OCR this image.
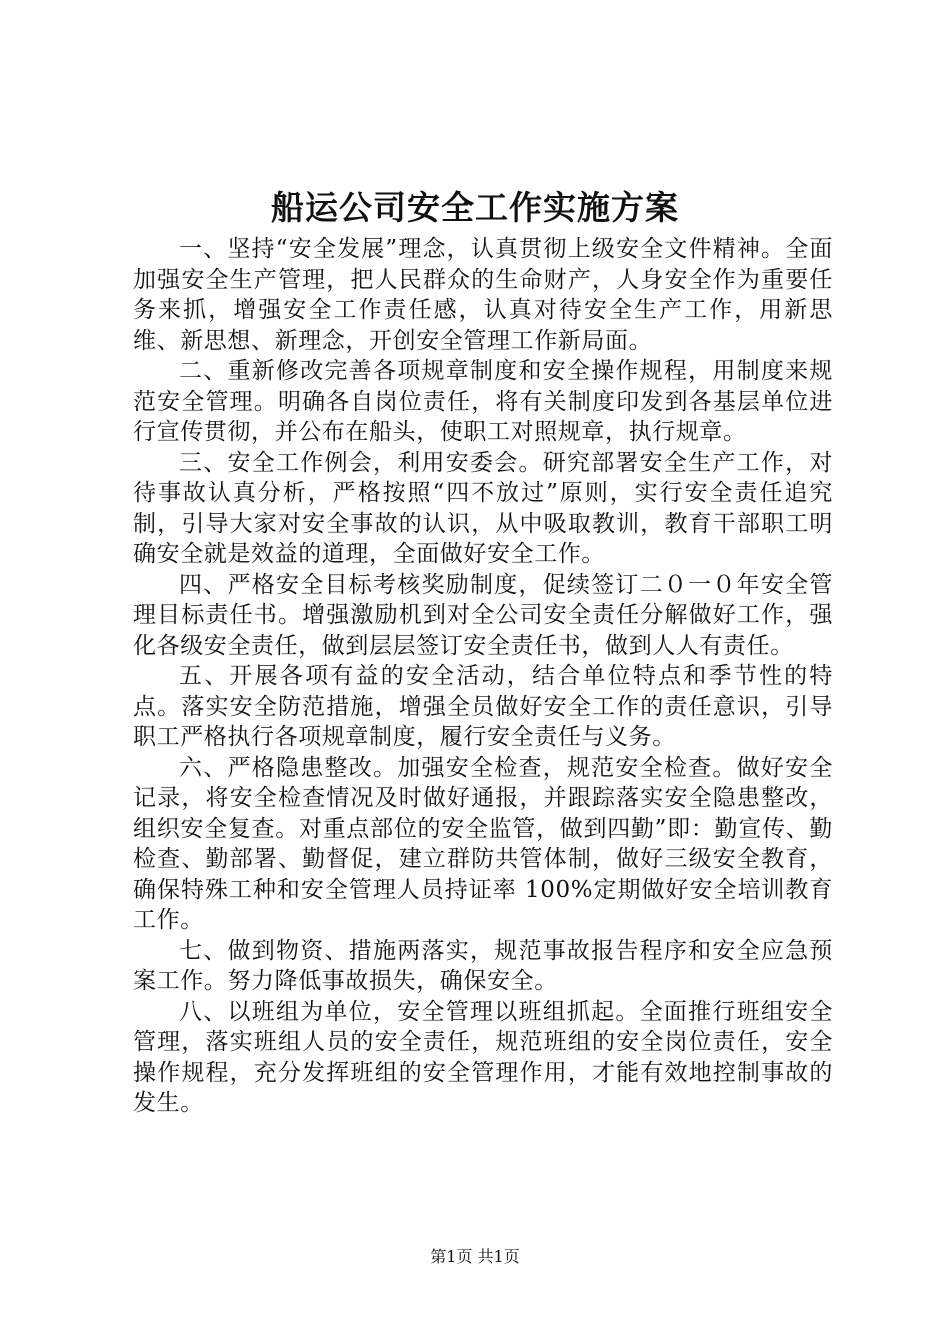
船运公司安全工作实施方案

一、坚持“安全发展”理念，认真贯彻上级安全文件精神。全面加强安全生产管理，把人民群众的生命财产，人身安全作为重要任务来抓，增强安全工作责任感，认真对待安全生产工作，用新思维、新思想、新理念，开创安全管理工作新局面。

二、重新修改完善各项规章制度和安全操作规程，用制度来规范安全管理。明确各自岗位责任，将有关制度印发到各基层单位进行宣传贯彻，并公布在船头，使职工对照规章，执行规章。

三、安全工作例会，利用安委会。研究部署安全生产工作，对待事故认真分析，严格按照“四不放过”原则，实行安全责任追究制，引导大家对安全事故的认识，从中吸取教训，教育干部职工明确安全就是效益的道理，全面做好安全工作。

四、严格安全目标考核奖励制度，促续签订二０一０年安全管理目标责任书。增强激励机到对全公司安全责任分解做好工作，强化各级安全责任，做到层层签订安全责任书，做到人人有责任。

五、开展各项有益的安全活动，结合单位特点和季节性的特点。落实安全防范措施，增强全员做好安全工作的责任意识，引导职工严格执行各项规章制度，履行安全责任与义务。

六、严格隐患整改。加强安全检查，规范安全检查。做好安全记录，将安全检查情况及时做好通报，并跟踪落实安全隐患整改，组织安全复查。对重点部位的安全监管，做到四勤”即：勤宣传、勤检查、勤部署、勤督促，建立群防共管体制，做好三级安全教育，确保特殊工种和安全管理人员持证率 100%定期做好安全培训教育工作。

七、做到物资、措施两落实，规范事故报告程序和安全应急预案工作。努力降低事故损失，确保安全。

八、以班组为单位，安全管理以班组抓起。全面推行班组安全管理，落实班组人员的安全责任，规范班组的安全岗位责任，安全操作规程，充分发挥班组的安全管理作用，才能有效地控制事故的发生。

第1页 共1页
